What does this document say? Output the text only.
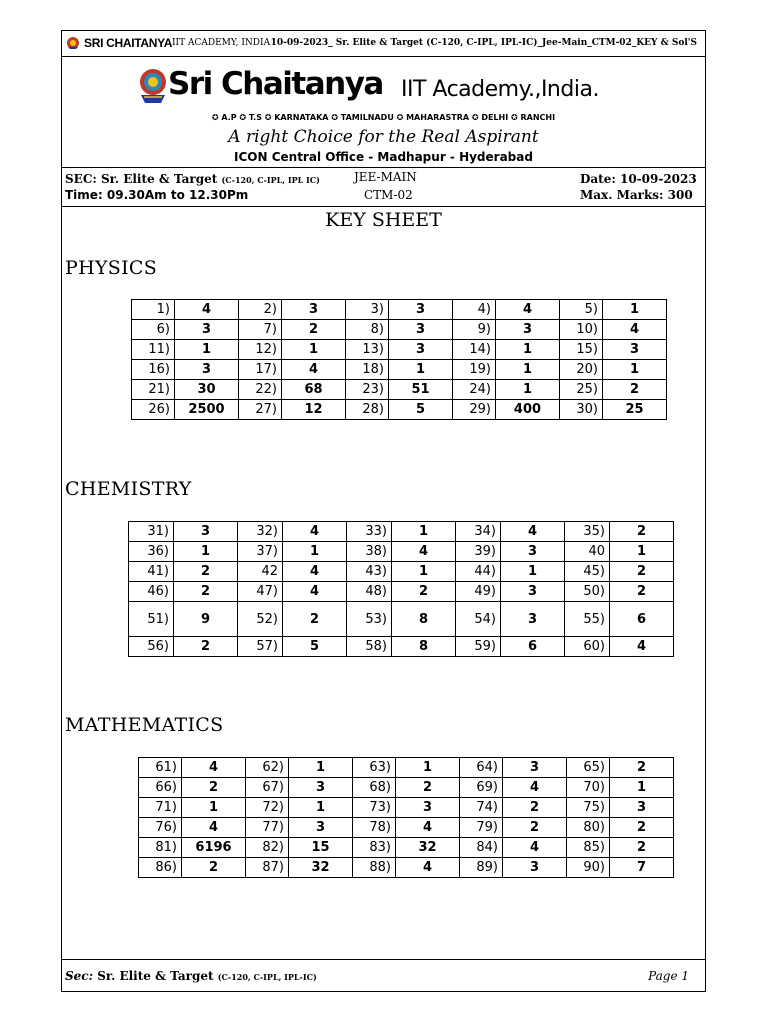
SRI CHAITANYA IIT ACADEMY, INDIA 10-09-2023_ Sr. Elite & Target (C-120, C-IPL, IPL-IC)_Jee-Main_CTM-02_KEY & Sol'S
Sri Chaitanya IIT Academy.,India.
✪ A.P ✪ T.S ✪ KARNATAKA ✪ TAMILNADU ✪ MAHARASTRA ✪ DELHI ✪ RANCHI
A right Choice for the Real Aspirant
ICON Central Office - Madhapur - Hyderabad
SEC: Sr. Elite & Target (C-120, C-IPL, IPL IC)
Time: 09.30Am to 12.30Pm
JEE-MAIN
CTM-02
Date: 10-09-2023
Max. Marks: 300
KEY SHEET
PHYSICS
1)	4	2)	3	3)	3	4)	4	5)	1
6)	3	7)	2	8)	3	9)	3	10)	4
11)	1	12)	1	13)	3	14)	1	15)	3
16)	3	17)	4	18)	1	19)	1	20)	1
21)	30	22)	68	23)	51	24)	1	25)	2
26)	2500	27)	12	28)	5	29)	400	30)	25
CHEMISTRY
31)	3	32)	4	33)	1	34)	4	35)	2
36)	1	37)	1	38)	4	39)	3	40	1
41)	2	42	4	43)	1	44)	1	45)	2
46)	2	47)	4	48)	2	49)	3	50)	2
51)	9	52)	2	53)	8	54)	3	55)	6
56)	2	57)	5	58)	8	59)	6	60)	4
MATHEMATICS
61)	4	62)	1	63)	1	64)	3	65)	2
66)	2	67)	3	68)	2	69)	4	70)	1
71)	1	72)	1	73)	3	74)	2	75)	3
76)	4	77)	3	78)	4	79)	2	80)	2
81)	6196	82)	15	83)	32	84)	4	85)	2
86)	2	87)	32	88)	4	89)	3	90)	7
Sec: Sr. Elite & Target (C-120, C-IPL, IPL-IC)	Page 1
